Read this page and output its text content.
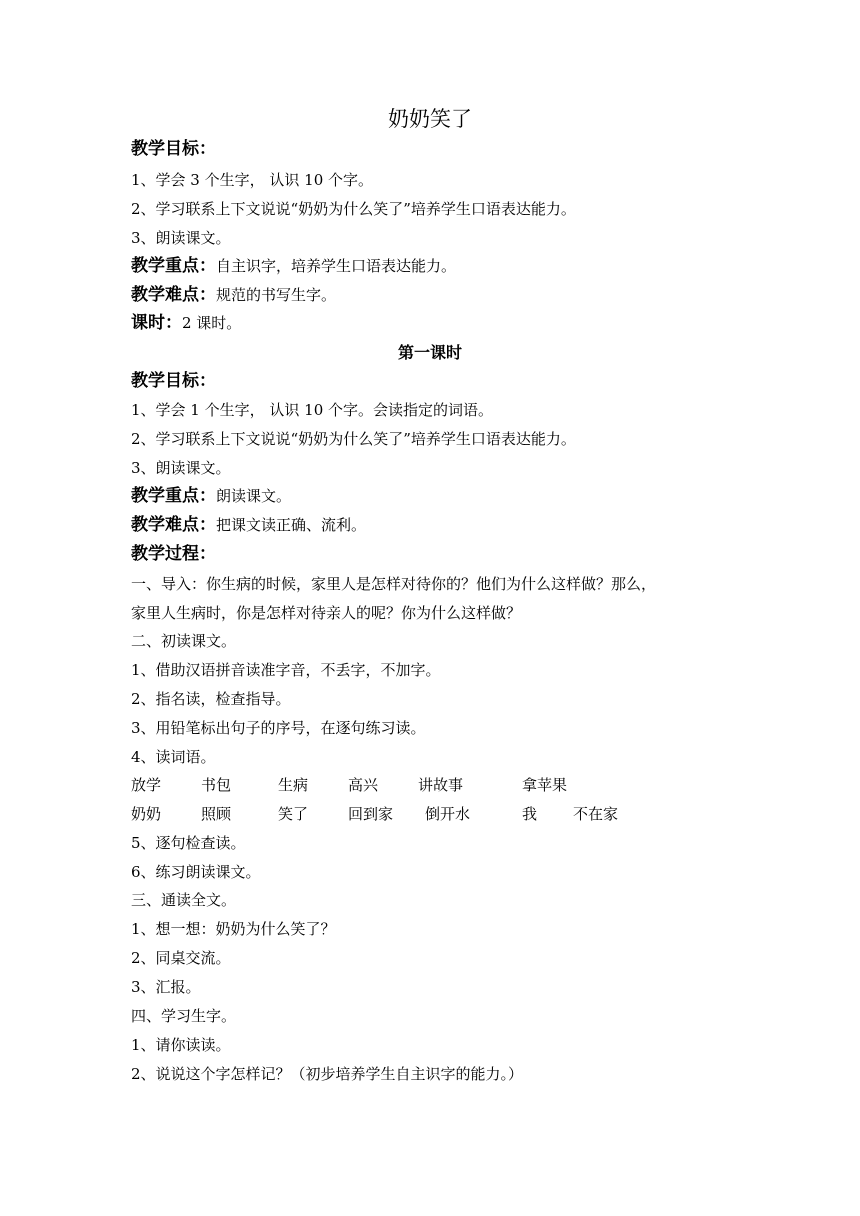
奶奶笑了
教学目标：
1、学会 3 个生字， 认识 10 个字。
2、学习联系上下文说说“奶奶为什么笑了”培养学生口语表达能力。
3、朗读课文。
教学重点：自主识字，培养学生口语表达能力。
教学难点：规范的书写生字。
课时：2 课时。
第一课时
教学目标：
1、学会 1 个生字， 认识 10 个字。会读指定的词语。
2、学习联系上下文说说“奶奶为什么笑了”培养学生口语表达能力。
3、朗读课文。
教学重点：朗读课文。
教学难点：把课文读正确、流利。
教学过程：
一、导入：你生病的时候，家里人是怎样对待你的？他们为什么这样做？那么，
家里人生病时，你是怎样对待亲人的呢？你为什么这样做？
二、初读课文。
1、借助汉语拼音读准字音，不丢字，不加字。
2、指名读，检查指导。
3、用铅笔标出句子的序号，在逐句练习读。
4、读词语。
放学	书包	生病	高兴	讲故事	拿苹果
奶奶	照顾	笑了	回到家 倒开水	我 不在家
5、逐句检查读。
6、练习朗读课文。
三、通读全文。
1、想一想：奶奶为什么笑了？
2、同桌交流。
3、汇报。
四、学习生字。
1、请你读读。
2、说说这个字怎样记？（初步培养学生自主识字的能力。）
